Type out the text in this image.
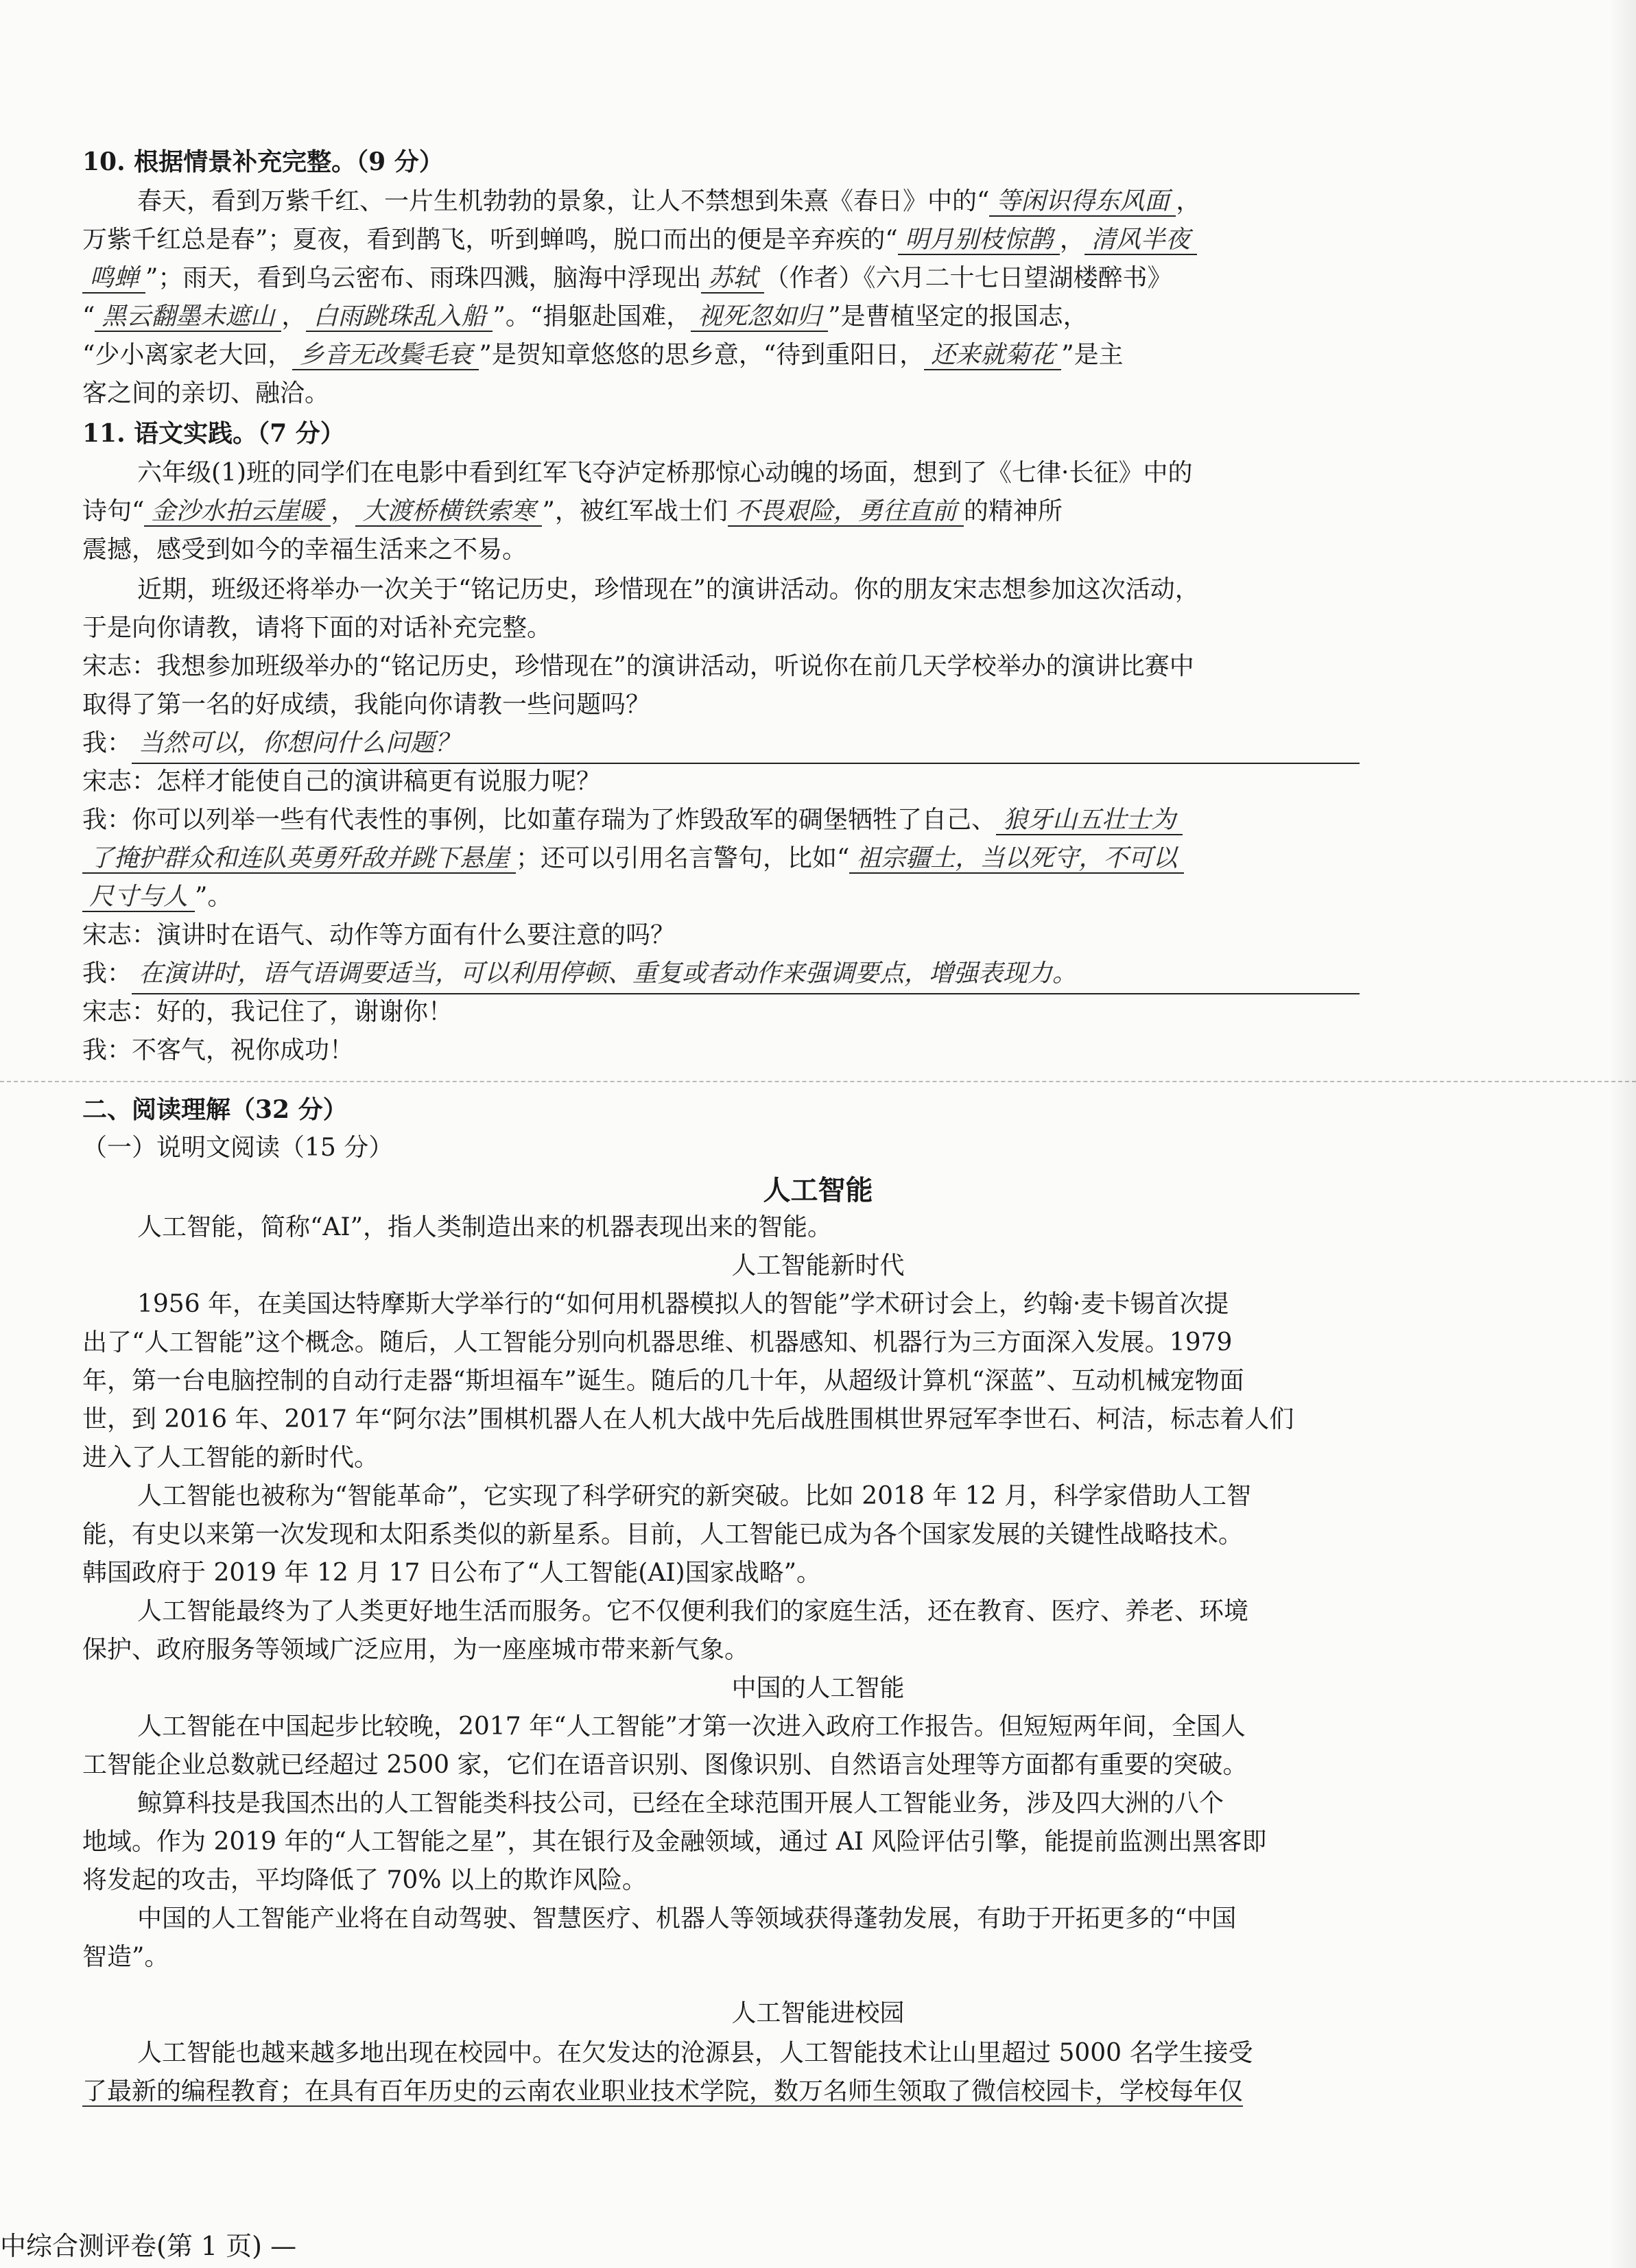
10. 根据情景补充完整。（9 分）
春天，看到万紫千红、一片生机勃勃的景象，让人不禁想到朱熹《春日》中的“ 等闲识得东风面 ，
万紫千红总是春”；夏夜，看到鹊飞，听到蝉鸣，脱口而出的便是辛弃疾的“ 明月别枝惊鹊 ， 清风半夜
鸣蝉 ”；雨天，看到乌云密布、雨珠四溅，脑海中浮现出 苏轼 （作者）《六月二十七日望湖楼醉书》
“ 黑云翻墨未遮山 ， 白雨跳珠乱入船 ”。“捐躯赴国难， 视死忽如归 ”是曹植坚定的报国志，
“少小离家老大回， 乡音无改鬓毛衰 ”是贺知章悠悠的思乡意，“待到重阳日， 还来就菊花 ”是主
客之间的亲切、融洽。
11. 语文实践。（7 分）
六年级(1)班的同学们在电影中看到红军飞夺泸定桥那惊心动魄的场面，想到了《七律·长征》中的
诗句“ 金沙水拍云崖暖 ， 大渡桥横铁索寒 ”，被红军战士们 不畏艰险，勇往直前 的精神所
震撼，感受到如今的幸福生活来之不易。
近期，班级还将举办一次关于“铭记历史，珍惜现在”的演讲活动。你的朋友宋志想参加这次活动，
于是向你请教，请将下面的对话补充完整。
宋志：我想参加班级举办的“铭记历史，珍惜现在”的演讲活动，听说你在前几天学校举办的演讲比赛中
取得了第一名的好成绩，我能向你请教一些问题吗？
我： 当然可以，你想问什么问题？
宋志：怎样才能使自己的演讲稿更有说服力呢？
我：你可以列举一些有代表性的事例，比如董存瑞为了炸毁敌军的碉堡牺牲了自己、 狼牙山五壮士为
了掩护群众和连队英勇歼敌并跳下悬崖 ；还可以引用名言警句，比如“ 祖宗疆土，当以死守，不可以
尺寸与人 ”。
宋志：演讲时在语气、动作等方面有什么要注意的吗？
我： 在演讲时，语气语调要适当，可以利用停顿、重复或者动作来强调要点，增强表现力。
宋志：好的，我记住了，谢谢你！
我：不客气，祝你成功！
二、阅读理解（32 分）
（一）说明文阅读（15 分）
人工智能
人工智能，简称“AI”，指人类制造出来的机器表现出来的智能。
人工智能新时代
1956 年，在美国达特摩斯大学举行的“如何用机器模拟人的智能”学术研讨会上，约翰·麦卡锡首次提
出了“人工智能”这个概念。随后，人工智能分别向机器思维、机器感知、机器行为三方面深入发展。1979
年，第一台电脑控制的自动行走器“斯坦福车”诞生。随后的几十年，从超级计算机“深蓝”、互动机械宠物面
世，到 2016 年、2017 年“阿尔法”围棋机器人在人机大战中先后战胜围棋世界冠军李世石、柯洁，标志着人们
进入了人工智能的新时代。
人工智能也被称为“智能革命”，它实现了科学研究的新突破。比如 2018 年 12 月，科学家借助人工智
能，有史以来第一次发现和太阳系类似的新星系。目前，人工智能已成为各个国家发展的关键性战略技术。
韩国政府于 2019 年 12 月 17 日公布了“人工智能(AI)国家战略”。
人工智能最终为了人类更好地生活而服务。它不仅便利我们的家庭生活，还在教育、医疗、养老、环境
保护、政府服务等领域广泛应用，为一座座城市带来新气象。
中国的人工智能
人工智能在中国起步比较晚，2017 年“人工智能”才第一次进入政府工作报告。但短短两年间，全国人
工智能企业总数就已经超过 2500 家，它们在语音识别、图像识别、自然语言处理等方面都有重要的突破。
鲸算科技是我国杰出的人工智能类科技公司，已经在全球范围开展人工智能业务，涉及四大洲的八个
地域。作为 2019 年的“人工智能之星”，其在银行及金融领域，通过 AI 风险评估引擎，能提前监测出黑客即
将发起的攻击，平均降低了 70% 以上的欺诈风险。
中国的人工智能产业将在自动驾驶、智慧医疗、机器人等领域获得蓬勃发展，有助于开拓更多的“中国
智造”。
人工智能进校园
人工智能也越来越多地出现在校园中。在欠发达的沧源县，人工智能技术让山里超过 5000 名学生接受
了最新的编程教育；在具有百年历史的云南农业职业技术学院，数万名师生领取了微信校园卡，学校每年仅
中综合测评卷(第 1 页) —
